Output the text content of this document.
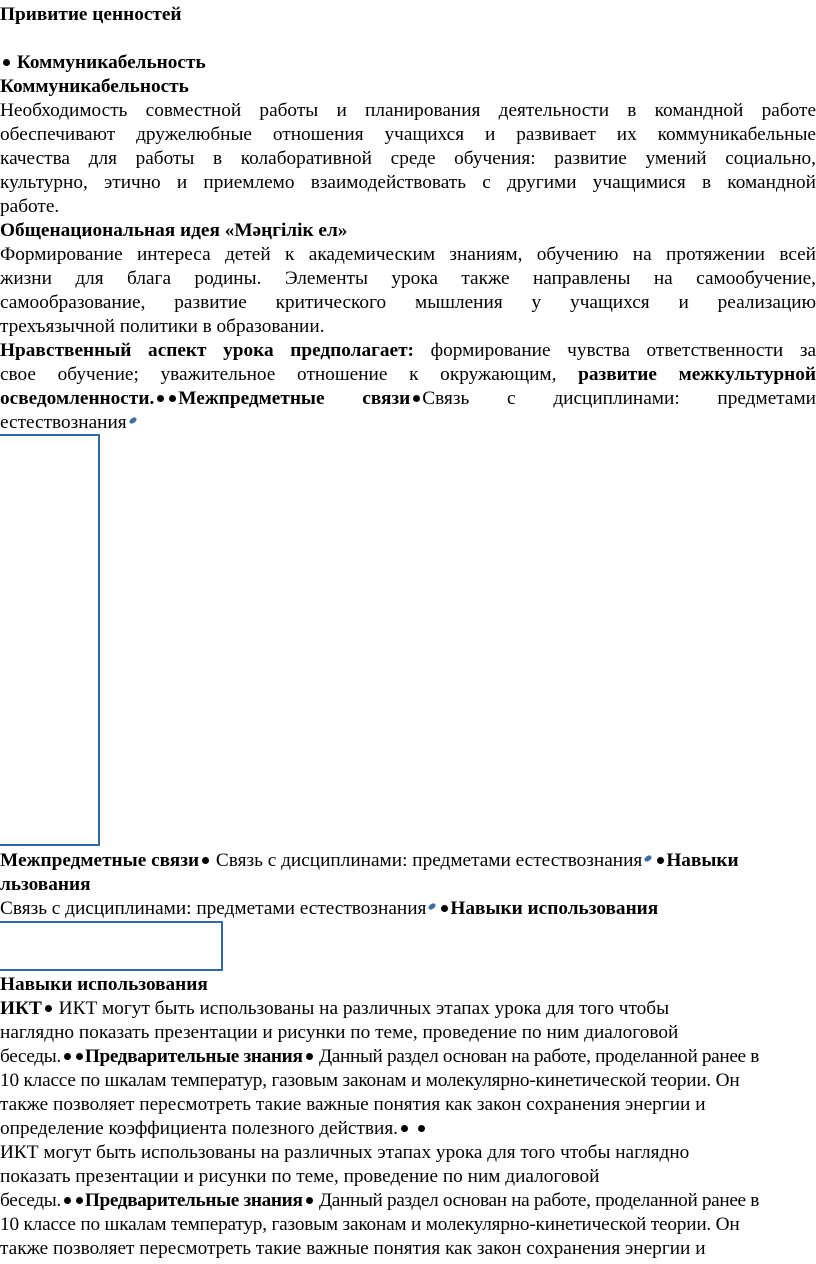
Привитие ценностей

Коммуникабельность

Коммуникабельность

Необходимость совместной работы и планирования деятельности в командной работе

обеспечивают дружелюбные отношения учащихся и развивает их коммуникабельные

качества для работы в колаборативной среде обучения: развитие умений социально,

культурно, этично и приемлемо взаимодействовать с другими учащимися в командной

работе.

Общенациональная идея «Мәңгілік ел»

Формирование интереса детей к академическим знаниям, обучению на протяжении всей

жизни для блага родины. Элементы урока также направлены на самообучение,

самообразование, развитие критического мышления у учащихся и реализацию

трехъязычной политики в образовании.

Нравственный аспект урока предполагает: формирование чувства ответственности за

свое обучение; уважительное отношение к окружающим, развитие межкультурной

осведомленности. Межпредметные связи Связь с дисциплинами: предметами

естествознания

Межпредметные связи Связь с дисциплинами: предметами естествознания Навыки

льзования

Связь с дисциплинами: предметами естествознания Навыки использования

Навыки использования

ИКТ ИКТ могут быть использованы на различных этапах урока для того чтобы

наглядно показать презентации и рисунки по теме, проведение по ним диалоговой

беседы. Предварительные знания Данный раздел основан на работе, проделанной ранее в

10 классе по шкалам температур, газовым законам и молекулярно-кинетической теории. Он

также позволяет пересмотреть такие важные понятия как закон сохранения энергии и

определение коэффициента полезного действия.

ИКТ могут быть использованы на различных этапах урока для того чтобы наглядно

показать презентации и рисунки по теме, проведение по ним диалоговой

беседы. Предварительные знания Данный раздел основан на работе, проделанной ранее в

10 классе по шкалам температур, газовым законам и молекулярно-кинетической теории. Он

также позволяет пересмотреть такие важные понятия как закон сохранения энергии и
